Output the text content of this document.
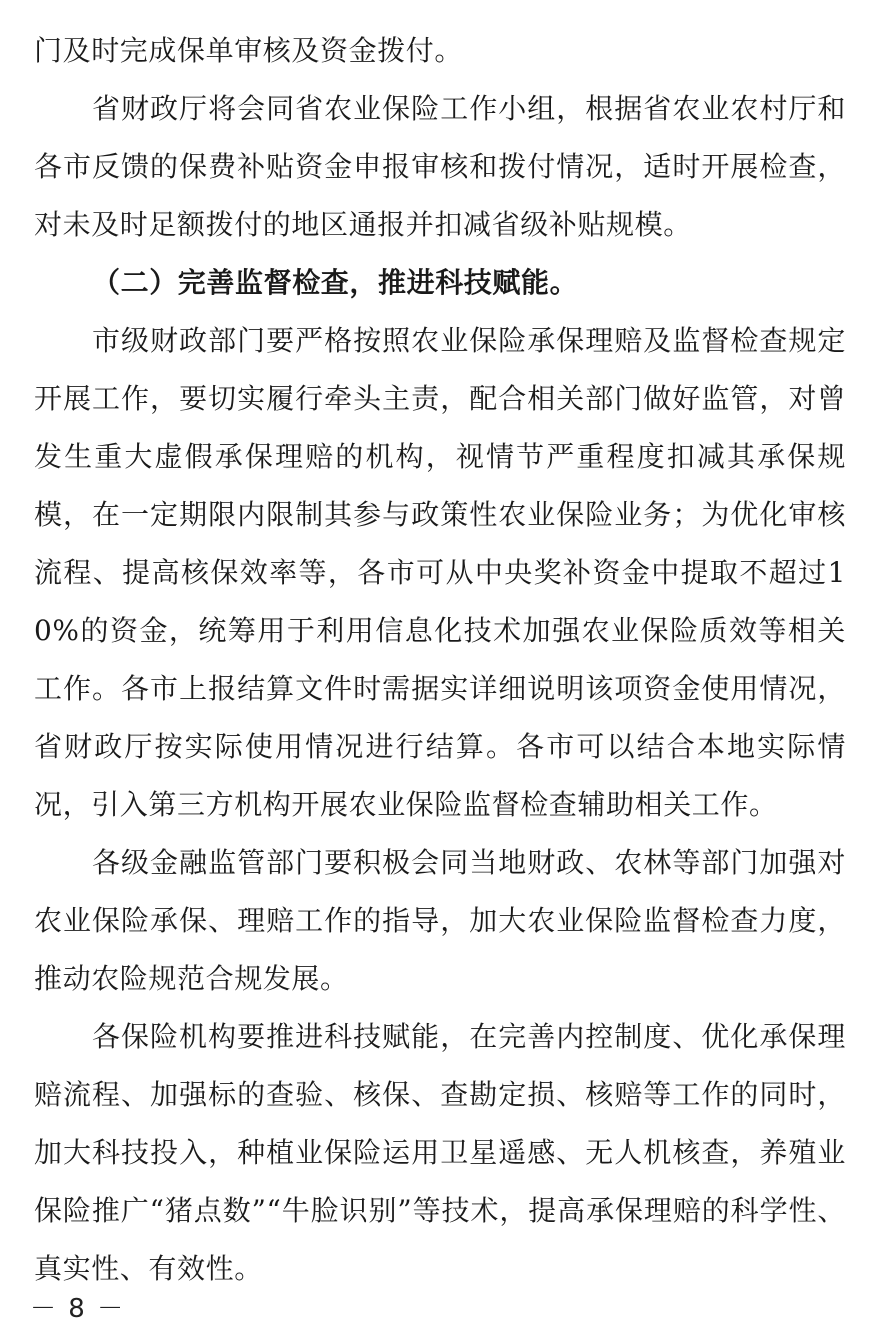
门及时完成保单审核及资金拨付。

省财政厅将会同省农业保险工作小组，根据省农业农村厅和各市反馈的保费补贴资金申报审核和拨付情况，适时开展检查，对未及时足额拨付的地区通报并扣减省级补贴规模。

（二）完善监督检查，推进科技赋能。

市级财政部门要严格按照农业保险承保理赔及监督检查规定开展工作，要切实履行牵头主责，配合相关部门做好监管，对曾发生重大虚假承保理赔的机构，视情节严重程度扣减其承保规模，在一定期限内限制其参与政策性农业保险业务；为优化审核流程、提高核保效率等，各市可从中央奖补资金中提取不超过10%的资金，统筹用于利用信息化技术加强农业保险质效等相关工作。各市上报结算文件时需据实详细说明该项资金使用情况，省财政厅按实际使用情况进行结算。各市可以结合本地实际情况，引入第三方机构开展农业保险监督检查辅助相关工作。

各级金融监管部门要积极会同当地财政、农林等部门加强对农业保险承保、理赔工作的指导，加大农业保险监督检查力度，推动农险规范合规发展。

各保险机构要推进科技赋能，在完善内控制度、优化承保理赔流程、加强标的查验、核保、查勘定损、核赔等工作的同时，加大科技投入，种植业保险运用卫星遥感、无人机核查，养殖业保险推广“猪点数”“牛脸识别”等技术，提高承保理赔的科学性、真实性、有效性。

－ 8 －
